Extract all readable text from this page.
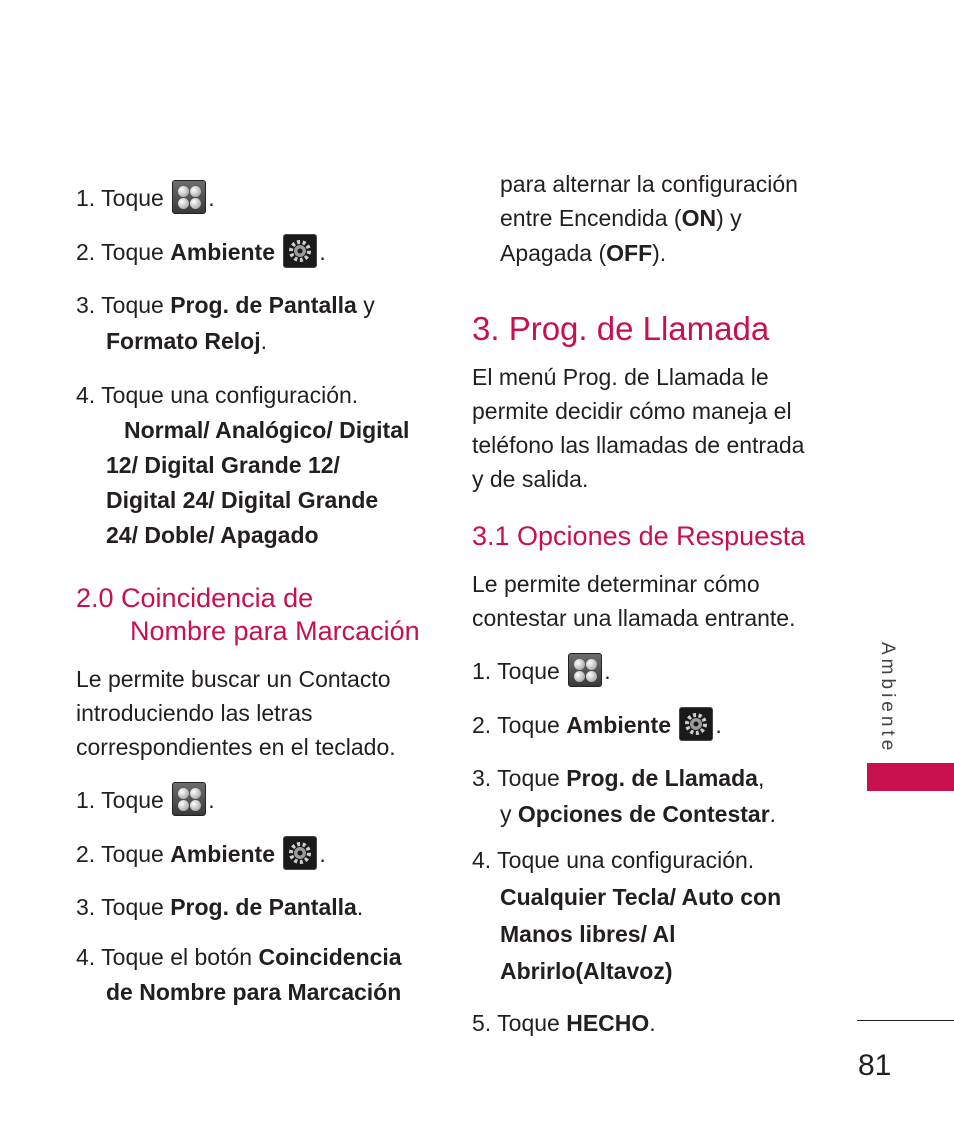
1. Toque .
2. Toque Ambiente .
3. Toque Prog. de Pantalla y
Formato Reloj.
4. Toque una configuración.
Normal/ Analógico/ Digital
12/ Digital Grande 12/
Digital 24/ Digital Grande
24/ Doble/ Apagado
2.0 Coincidencia de
Nombre para Marcación
Le permite buscar un Contacto
introduciendo las letras
correspondientes en el teclado.
1. Toque .
2. Toque Ambiente .
3. Toque Prog. de Pantalla.
4. Toque el botón Coincidencia
de Nombre para Marcación
para alternar la configuración
entre Encendida (ON) y
Apagada (OFF).
3. Prog. de Llamada
El menú Prog. de Llamada le
permite decidir cómo maneja el
teléfono las llamadas de entrada
y de salida.
3.1 Opciones de Respuesta
Le permite determinar cómo
contestar una llamada entrante.
1. Toque .
2. Toque Ambiente .
3. Toque Prog. de Llamada,
y Opciones de Contestar.
4. Toque una configuración.
Cualquier Tecla/ Auto con
Manos libres/ Al
Abrirlo(Altavoz)
5. Toque HECHO.
Ambiente
81
